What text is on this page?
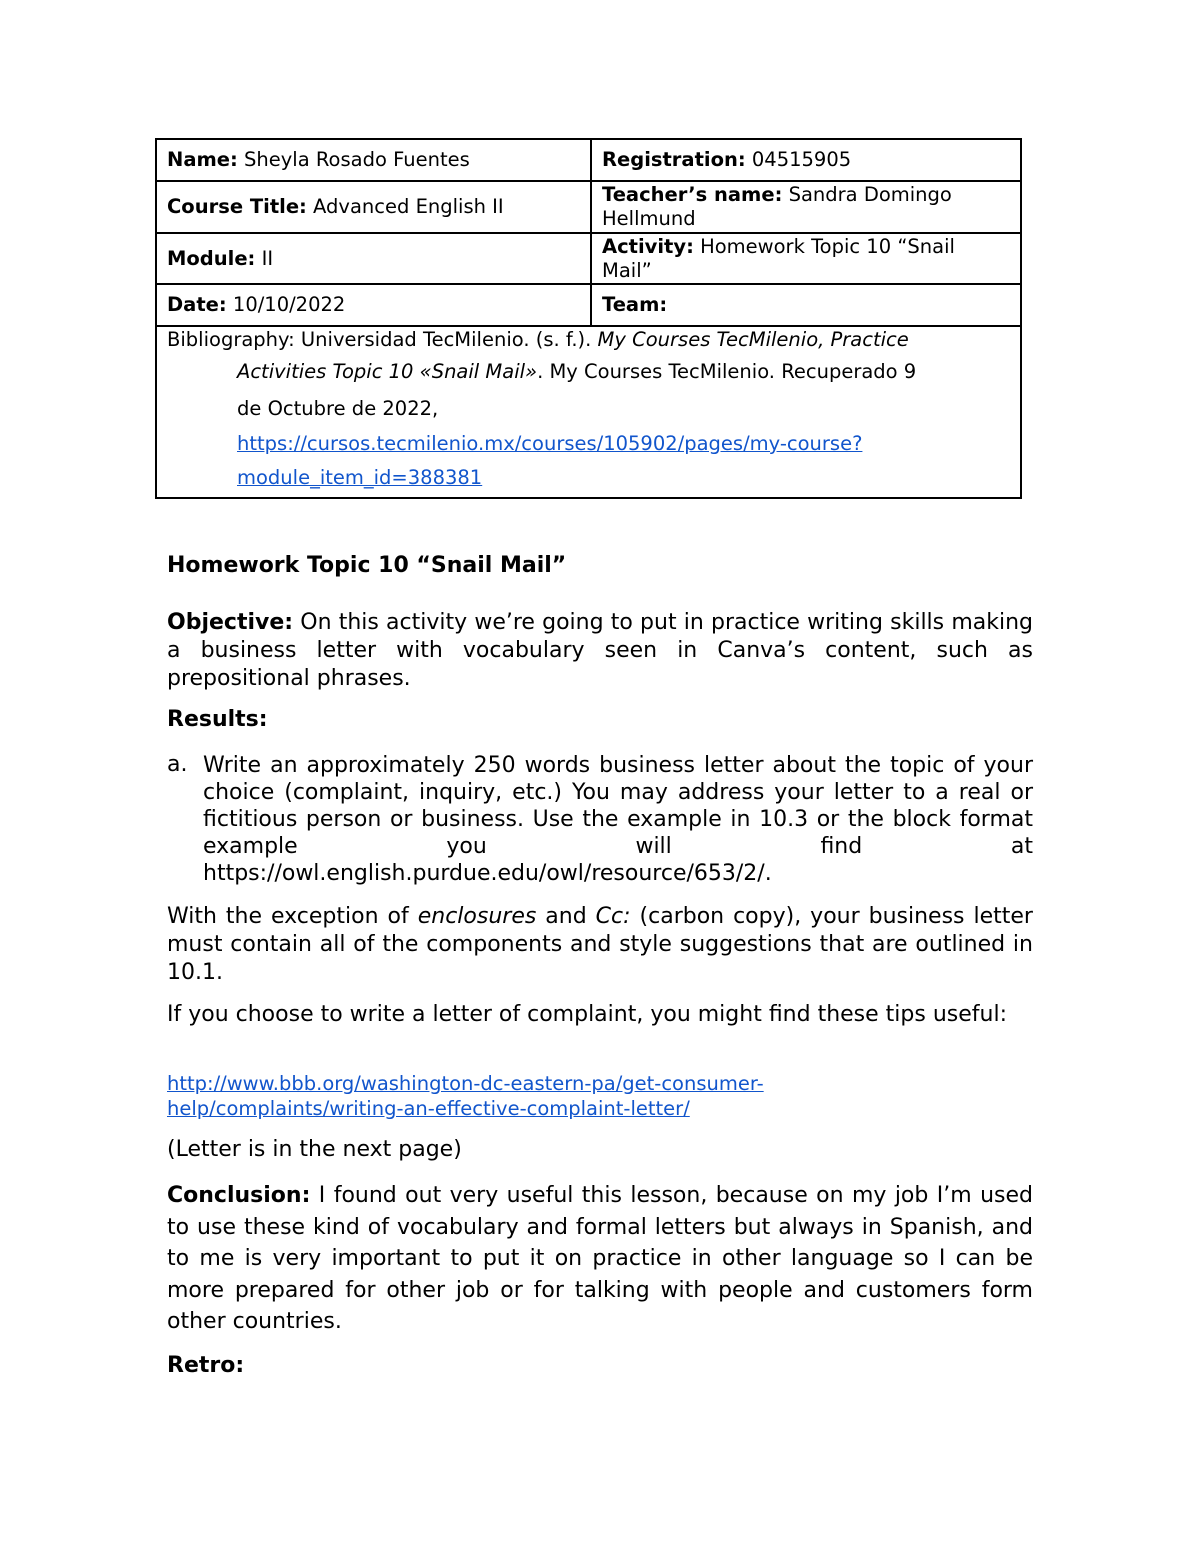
Name: Sheyla Rosado Fuentes	Registration: 04515905
Course Title: Advanced English II	Teacher’s name: Sandra Domingo Hellmund
Module: II	Activity: Homework Topic 10 “Snail Mail”
Date: 10/10/2022	Team:

Bibliography: Universidad TecMilenio. (s. f.). My Courses TecMilenio, Practice
Activities Topic 10 «Snail Mail». My Courses TecMilenio. Recuperado 9
de Octubre de 2022,
https://cursos.tecmilenio.mx/courses/105902/pages/my-course?
module_item_id=388381	
Homework Topic 10 “Snail Mail”

Objective: On this activity we’re going to put in practice writing skills making a business letter with vocabulary seen in Canva’s content, such as prepositional phrases.

Results:
a. Write an approximately 250 words business letter about the topic of your choice (complaint, inquiry, etc.) You may address your letter to a real or fictitious person or business. Use the example in 10.3 or the block format example you will find at
https://owl.english.purdue.edu/owl/resource/653/2/.

With the exception of enclosures and Cc: (carbon copy), your business letter must contain all of the components and style suggestions that are outlined in 10.1.

If you choose to write a letter of complaint, you might find these tips useful:

http://www.bbb.org/washington-dc-eastern-pa/get-consumer-
help/complaints/writing-an-effective-complaint-letter/
(Letter is in the next page)

Conclusion: I found out very useful this lesson, because on my job I’m used to use these kind of vocabulary and formal letters but always in Spanish, and to me is very important to put it on practice in other language so I can be more prepared for other job or for talking with people and customers form other countries.

Retro:
